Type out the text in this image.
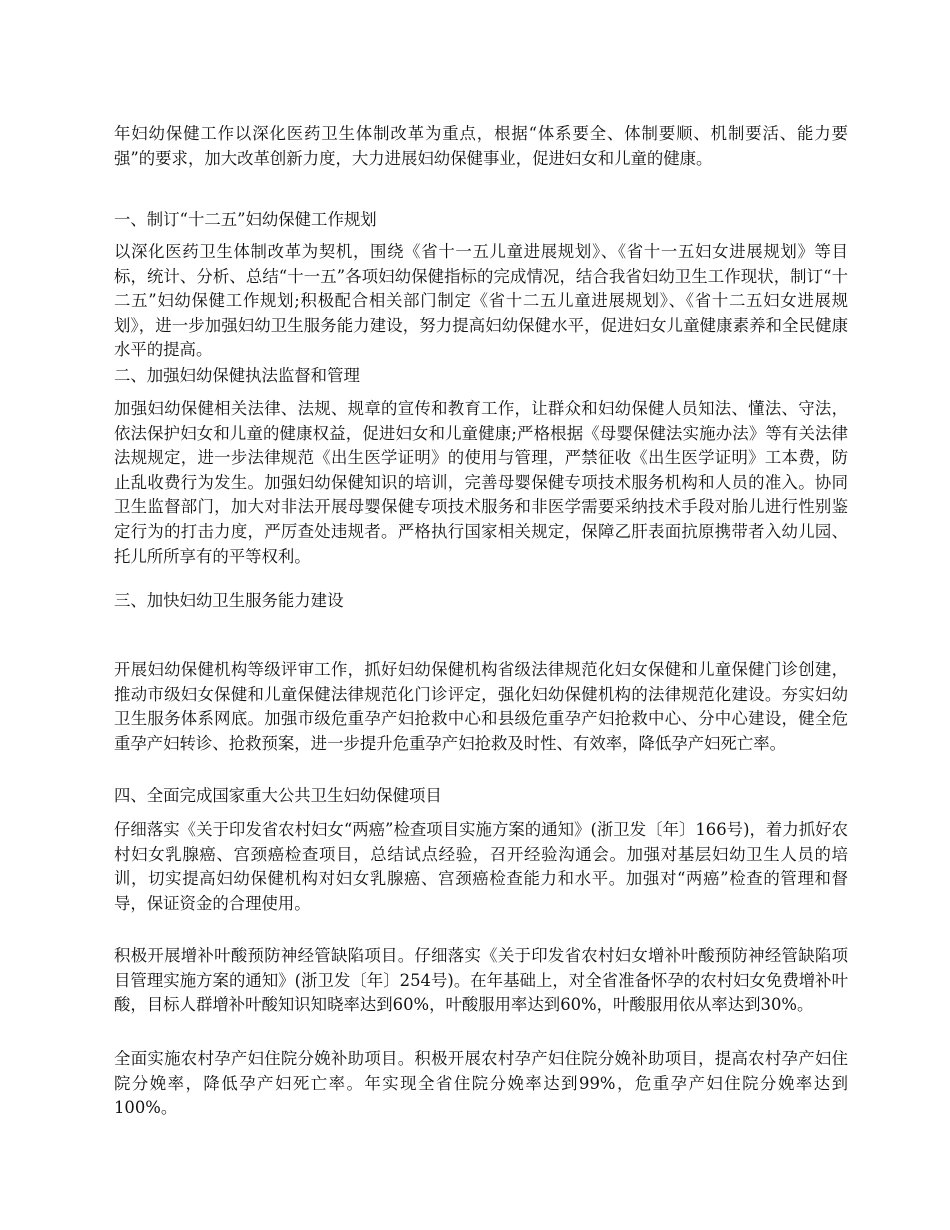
年妇幼保健工作以深化医药卫生体制改革为重点，根据“体系要全、体制要顺、机制要活、能力要强”的要求，加大改革创新力度，大力进展妇幼保健事业，促进妇女和儿童的健康。

一、制订“十二五”妇幼保健工作规划

以深化医药卫生体制改革为契机，围绕《省十一五儿童进展规划》、《省十一五妇女进展规划》等目标，统计、分析、总结“十一五”各项妇幼保健指标的完成情况，结合我省妇幼卫生工作现状，制订“十二五”妇幼保健工作规划;积极配合相关部门制定《省十二五儿童进展规划》、《省十二五妇女进展规划》，进一步加强妇幼卫生服务能力建设，努力提高妇幼保健水平，促进妇女儿童健康素养和全民健康水平的提高。

二、加强妇幼保健执法监督和管理

加强妇幼保健相关法律、法规、规章的宣传和教育工作，让群众和妇幼保健人员知法、懂法、守法，依法保护妇女和儿童的健康权益，促进妇女和儿童健康;严格根据《母婴保健法实施办法》等有关法律法规规定，进一步法律规范《出生医学证明》的使用与管理，严禁征收《出生医学证明》工本费，防止乱收费行为发生。加强妇幼保健知识的培训，完善母婴保健专项技术服务机构和人员的准入。协同卫生监督部门，加大对非法开展母婴保健专项技术服务和非医学需要采纳技术手段对胎儿进行性别鉴定行为的打击力度，严厉查处违规者。严格执行国家相关规定，保障乙肝表面抗原携带者入幼儿园、托儿所所享有的平等权利。

三、加快妇幼卫生服务能力建设

开展妇幼保健机构等级评审工作，抓好妇幼保健机构省级法律规范化妇女保健和儿童保健门诊创建，推动市级妇女保健和儿童保健法律规范化门诊评定，强化妇幼保健机构的法律规范化建设。夯实妇幼卫生服务体系网底。加强市级危重孕产妇抢救中心和县级危重孕产妇抢救中心、分中心建设，健全危重孕产妇转诊、抢救预案，进一步提升危重孕产妇抢救及时性、有效率，降低孕产妇死亡率。

四、全面完成国家重大公共卫生妇幼保健项目

仔细落实《关于印发省农村妇女“两癌”检查项目实施方案的通知》(浙卫发〔年〕166号)，着力抓好农村妇女乳腺癌、宫颈癌检查项目，总结试点经验，召开经验沟通会。加强对基层妇幼卫生人员的培训，切实提高妇幼保健机构对妇女乳腺癌、宫颈癌检查能力和水平。加强对“两癌”检查的管理和督导，保证资金的合理使用。

积极开展增补叶酸预防神经管缺陷项目。仔细落实《关于印发省农村妇女增补叶酸预防神经管缺陷项目管理实施方案的通知》(浙卫发〔年〕254号)。在年基础上，对全省准备怀孕的农村妇女免费增补叶酸，目标人群增补叶酸知识知晓率达到60%，叶酸服用率达到60%，叶酸服用依从率达到30%。

全面实施农村孕产妇住院分娩补助项目。积极开展农村孕产妇住院分娩补助项目，提高农村孕产妇住院分娩率，降低孕产妇死亡率。年实现全省住院分娩率达到99%，危重孕产妇住院分娩率达到100%。
